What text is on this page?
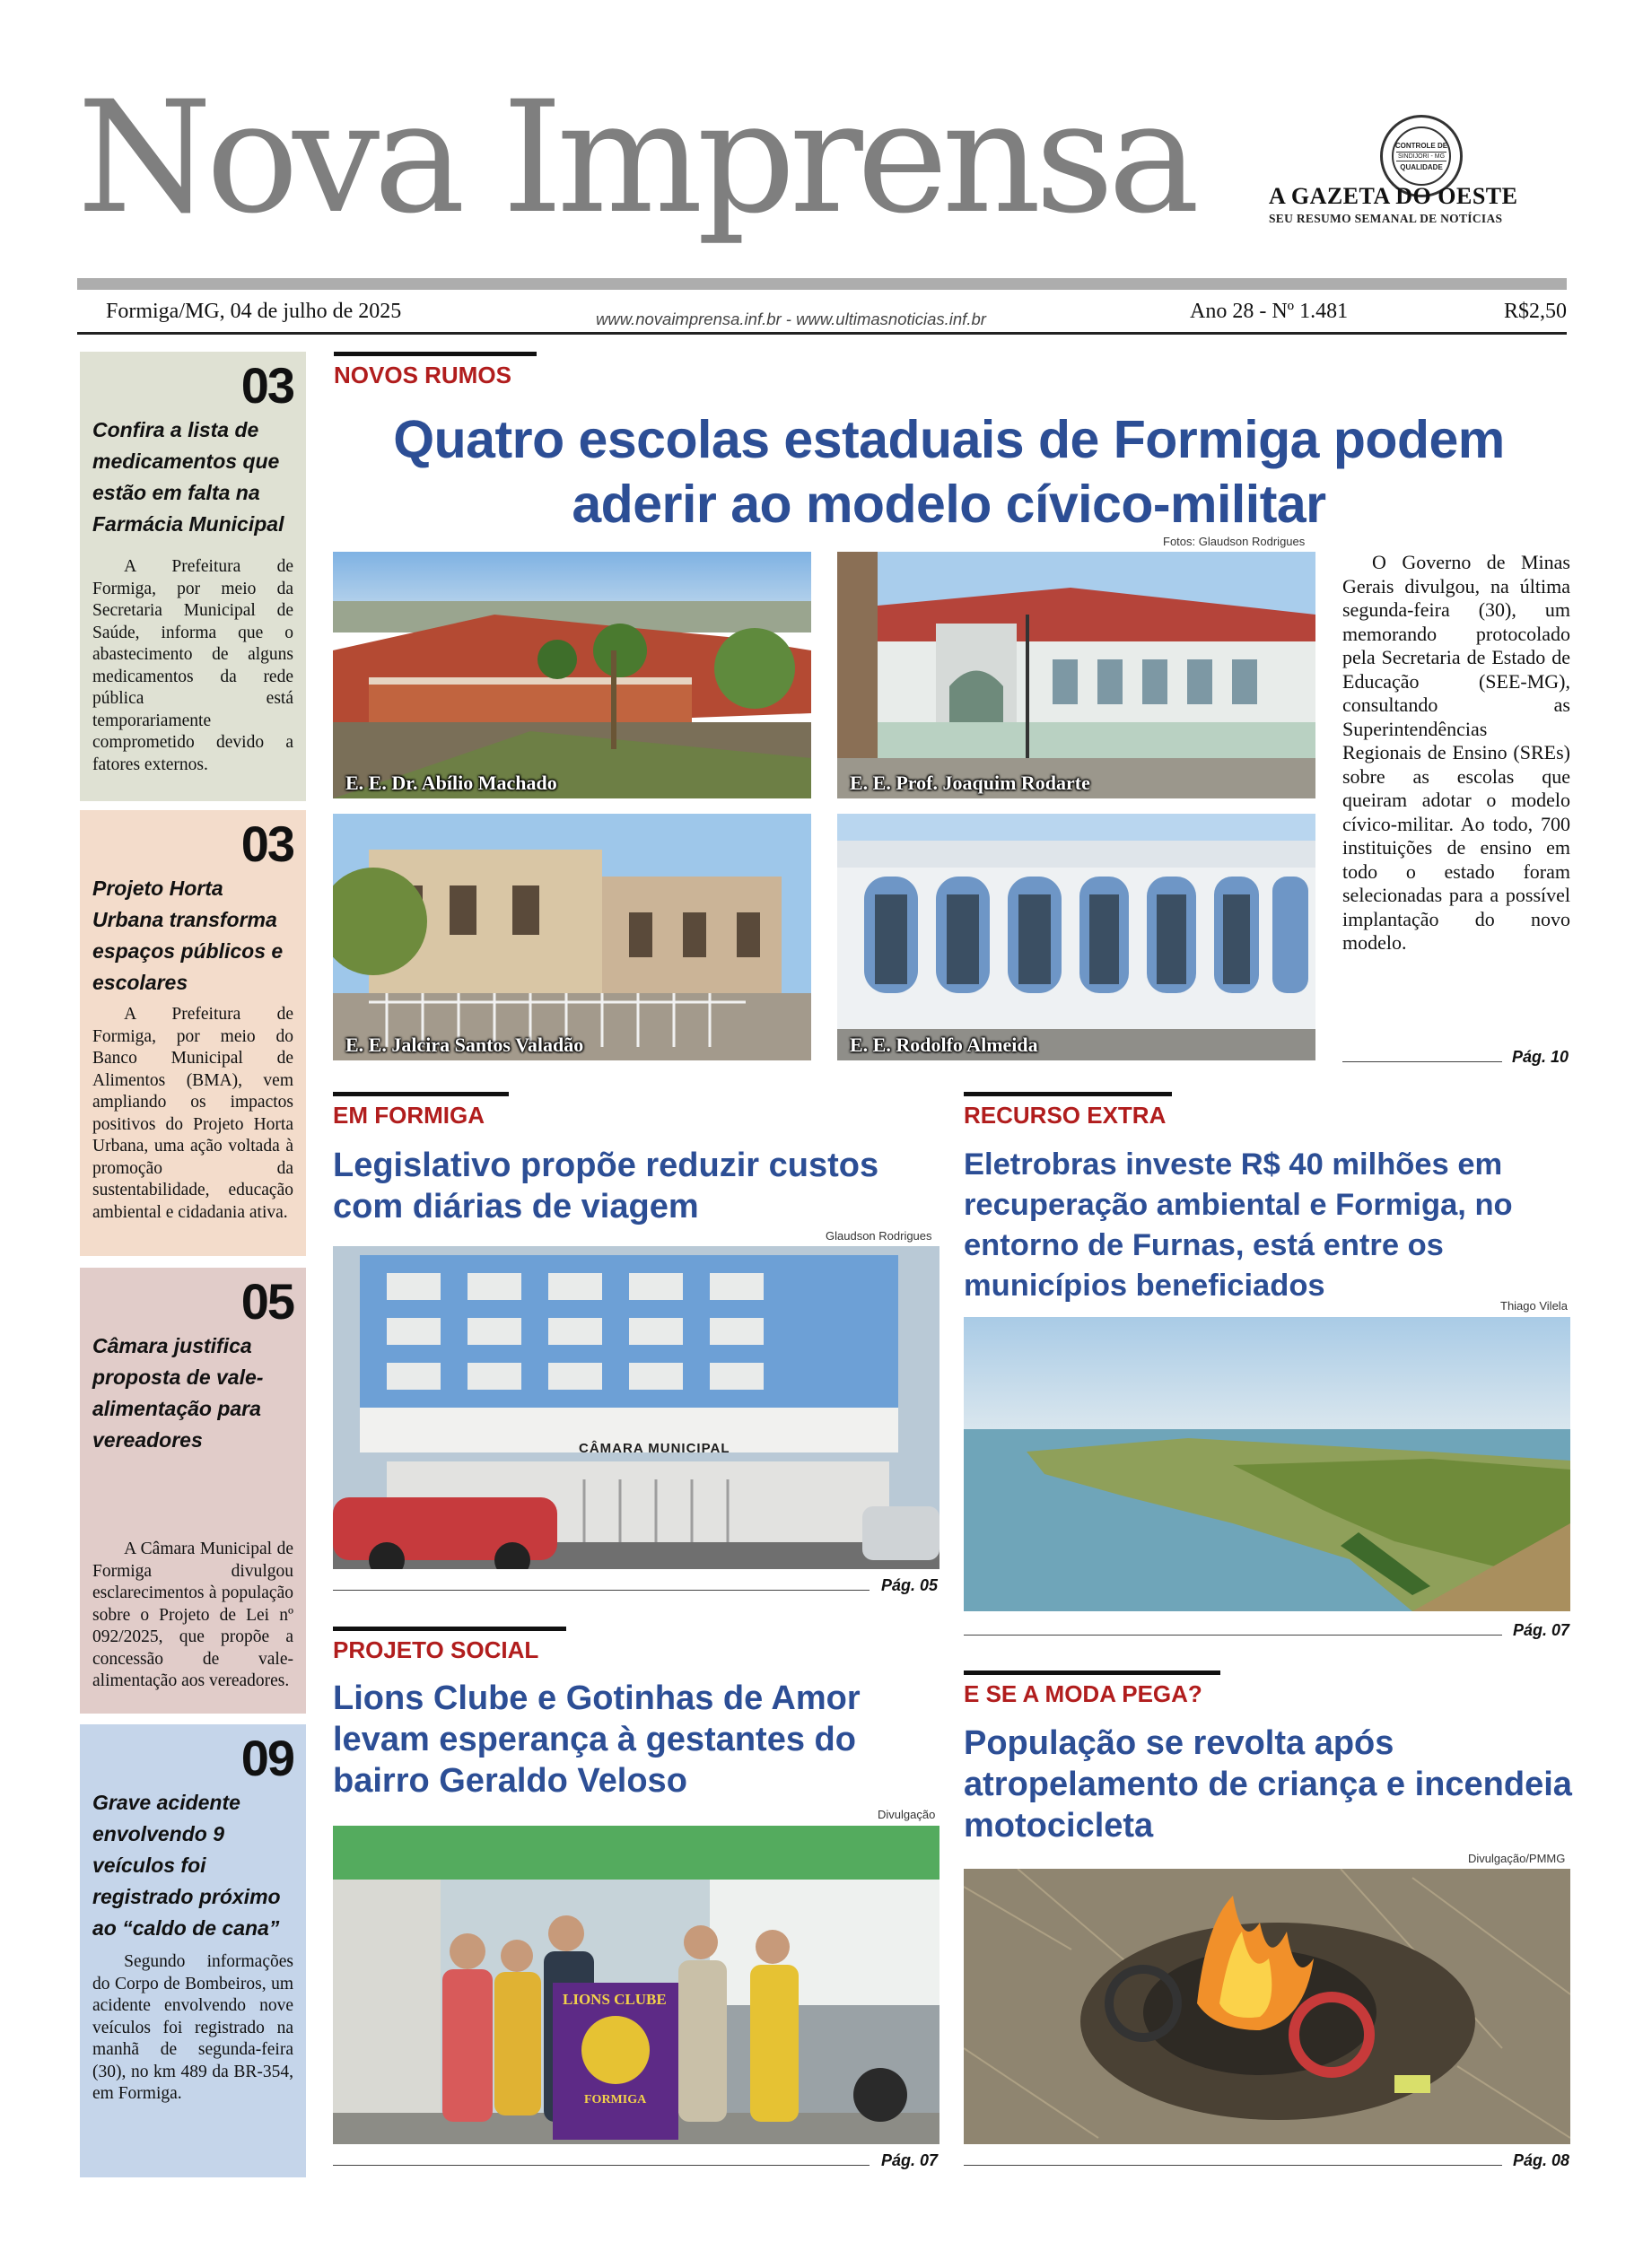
Nova Imprensa	CONTROLE DE
SINDIJORI - MG
QUALIDADE
A GAZETA DO OESTE
SEU RESUMO SEMANAL DE NOTÍCIAS
Formiga/MG, 04 de julho de 2025	www.novaimprensa.inf.br - www.ultimasnoticias.inf.br	Ano 28 - Nº 1.481	R$2,50
03
Confira a lista de medicamentos que estão em falta na Farmácia Municipal
A Prefeitura de Formiga, por meio da Secretaria Municipal de Saúde, informa que o abastecimento de alguns medicamentos da rede pública está temporariamente comprometido devido a fatores externos.
03
Projeto Horta Urbana transforma espaços públicos e escolares
A Prefeitura de Formiga, por meio do Banco Municipal de Alimentos (BMA), vem ampliando os impactos positivos do Projeto Horta Urbana, uma ação voltada à promoção da sustentabilidade, educação ambiental e cidadania ativa.
05
Câmara justifica proposta de vale-alimentação para vereadores
A Câmara Municipal de Formiga divulgou esclarecimentos à população sobre o Projeto de Lei nº 092/2025, que propõe a concessão de vale-alimentação aos vereadores.
09
Grave acidente envolvendo 9 veículos foi registrado próximo ao “caldo de cana”
Segundo informações do Corpo de Bombeiros, um acidente envolvendo nove veículos foi registrado na manhã de segunda-feira (30), no km 489 da BR-354, em Formiga.
NOVOS RUMOS
Quatro escolas estaduais de Formiga podem aderir ao modelo cívico-militar
Fotos: Glaudson Rodrigues
E. E. Dr. Abílio Machado	E. E. Prof. Joaquim Rodarte
E. E. Jalcira Santos Valadão	E. E. Rodolfo Almeida
O Governo de Minas Gerais divulgou, na última segunda-feira (30), um memorando protocolado pela Secretaria de Estado de Educação (SEE-MG), consultando as Superintendências Regionais de Ensino (SREs) sobre as escolas que queiram adotar o modelo cívico-militar. Ao todo, 700 instituições de ensino em todo o estado foram selecionadas para a possível implantação do novo modelo.
Pág. 10
EM FORMIGA
Legislativo propõe reduzir custos com diárias de viagem
Glaudson Rodrigues
CÂMARA MUNICIPAL
Pág. 05
RECURSO EXTRA
Eletrobras investe R$ 40 milhões em recuperação ambiental e Formiga, no entorno de Furnas, está entre os municípios beneficiados
Thiago Vilela
Pág. 07
PROJETO SOCIAL
Lions Clube e Gotinhas de Amor levam esperança à gestantes do bairro Geraldo Veloso
Divulgação
LIONS CLUBE
FORMIGA
Pág. 07
E SE A MODA PEGA?
População se revolta após atropelamento de criança e incendeia motocicleta
Divulgação/PMMG
Pág. 08
